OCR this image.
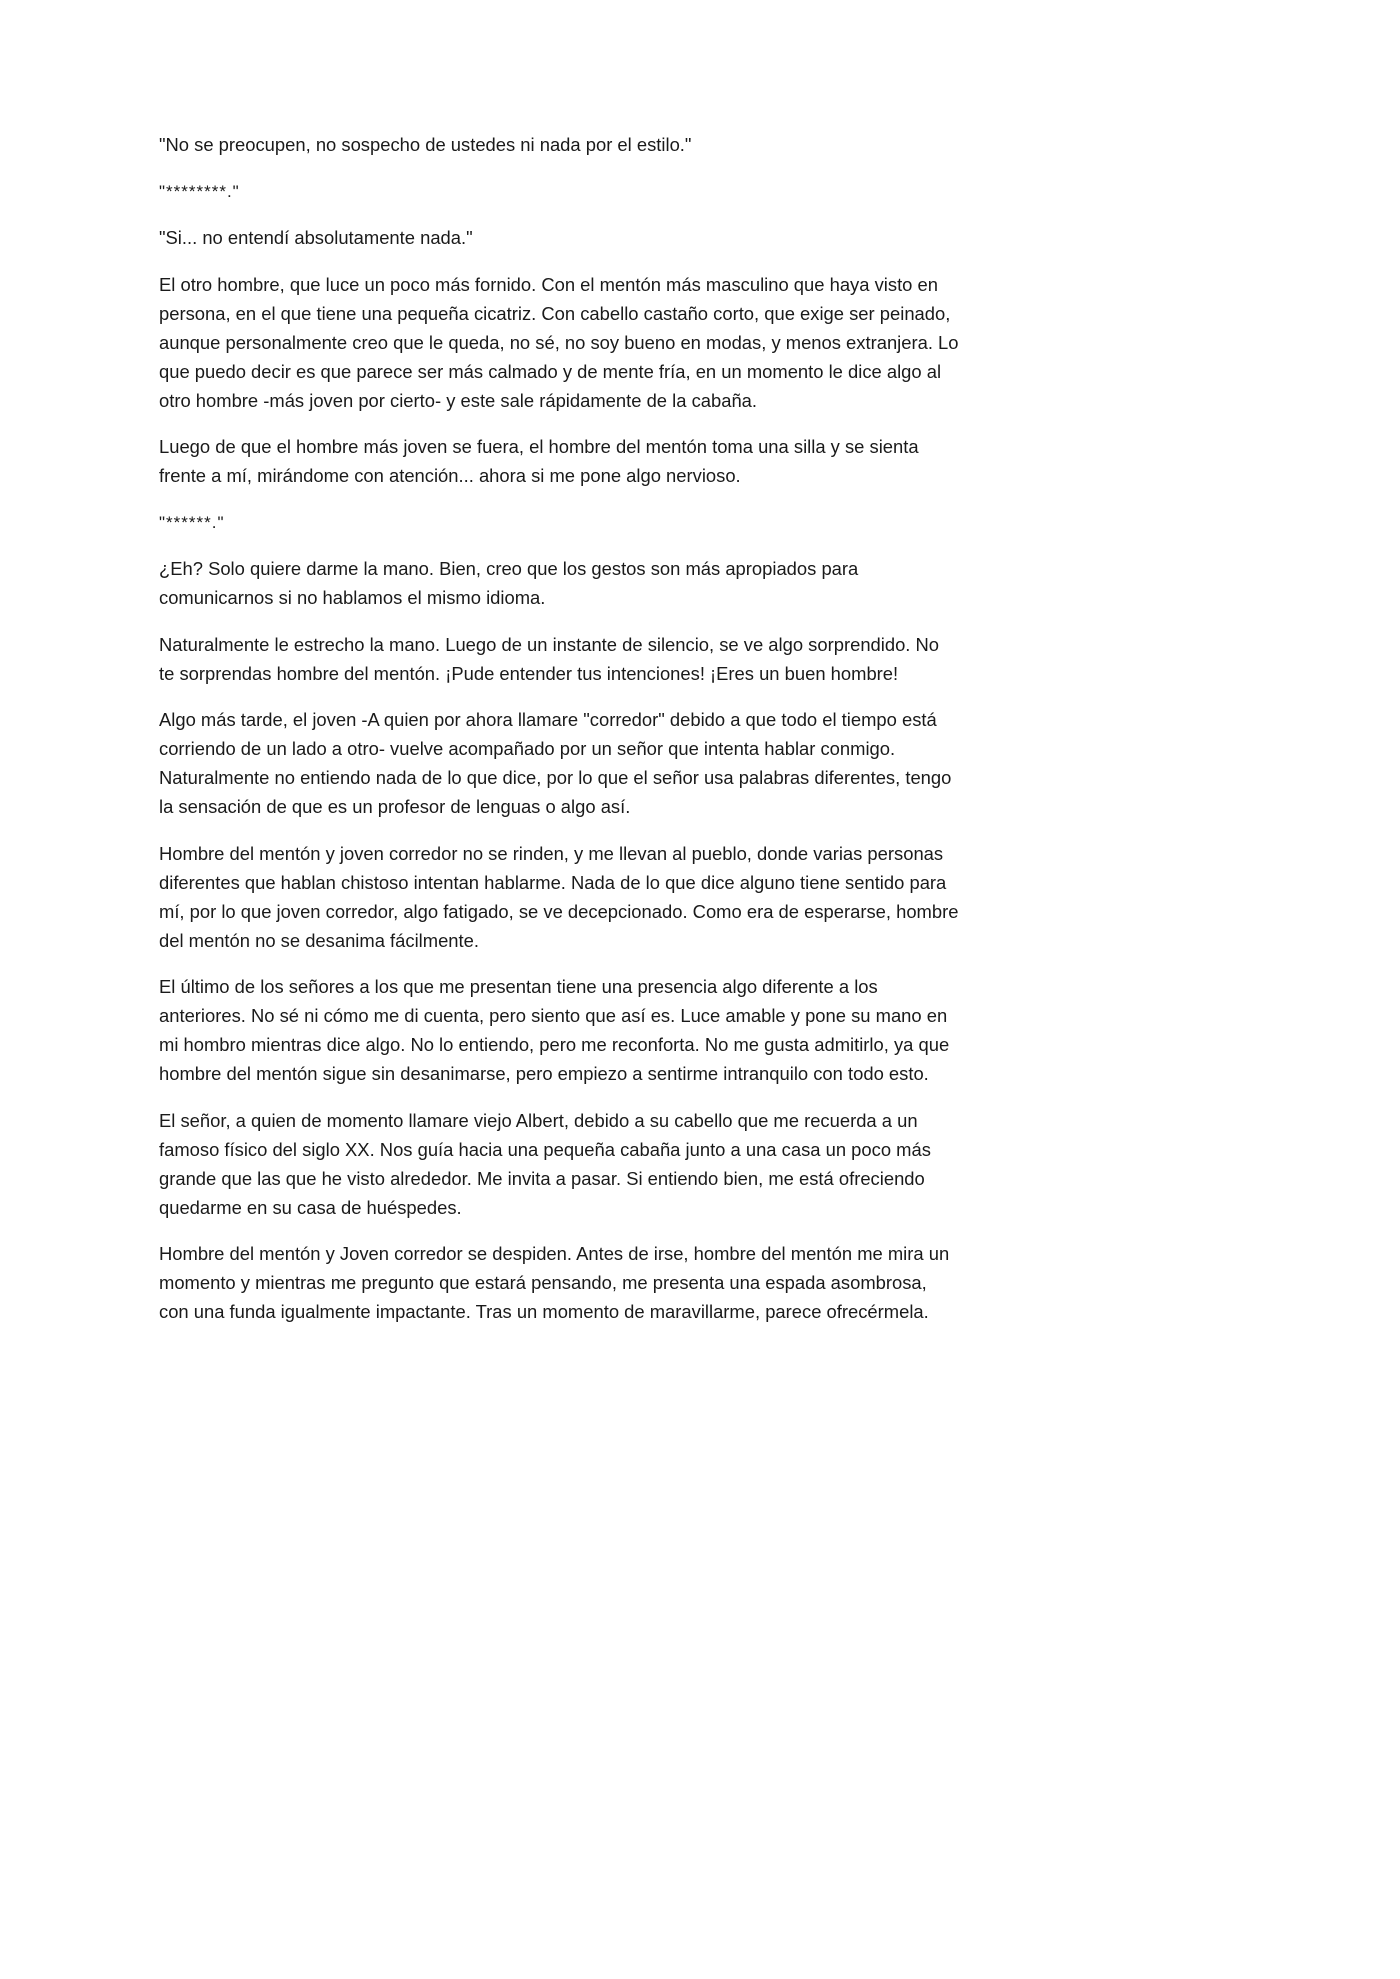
"No se preocupen, no sospecho de ustedes ni nada por el estilo."

"********."

"Si... no entendí absolutamente nada."

El otro hombre, que luce un poco más fornido. Con el mentón más masculino que haya visto en persona, en el que tiene una pequeña cicatriz. Con cabello castaño corto, que exige ser peinado, aunque personalmente creo que le queda, no sé, no soy bueno en modas, y menos extranjera. Lo que puedo decir es que parece ser más calmado y de mente fría, en un momento le dice algo al otro hombre -más joven por cierto- y este sale rápidamente de la cabaña.

Luego de que el hombre más joven se fuera, el hombre del mentón toma una silla y se sienta frente a mí, mirándome con atención... ahora si me pone algo nervioso.

"******."

¿Eh? Solo quiere darme la mano. Bien, creo que los gestos son más apropiados para comunicarnos si no hablamos el mismo idioma.

Naturalmente le estrecho la mano. Luego de un instante de silencio, se ve algo sorprendido. No te sorprendas hombre del mentón. ¡Pude entender tus intenciones! ¡Eres un buen hombre!

Algo más tarde, el joven -A quien por ahora llamare "corredor" debido a que todo el tiempo está corriendo de un lado a otro- vuelve acompañado por un señor que intenta hablar conmigo. Naturalmente no entiendo nada de lo que dice, por lo que el señor usa palabras diferentes, tengo la sensación de que es un profesor de lenguas o algo así.

Hombre del mentón y joven corredor no se rinden, y me llevan al pueblo, donde varias personas diferentes que hablan chistoso intentan hablarme. Nada de lo que dice alguno tiene sentido para mí, por lo que joven corredor, algo fatigado, se ve decepcionado. Como era de esperarse, hombre del mentón no se desanima fácilmente.

El último de los señores a los que me presentan tiene una presencia algo diferente a los anteriores. No sé ni cómo me di cuenta, pero siento que así es. Luce amable y pone su mano en mi hombro mientras dice algo. No lo entiendo, pero me reconforta. No me gusta admitirlo, ya que hombre del mentón sigue sin desanimarse, pero empiezo a sentirme intranquilo con todo esto.

El señor, a quien de momento llamare viejo Albert, debido a su cabello que me recuerda a un famoso físico del siglo XX. Nos guía hacia una pequeña cabaña junto a una casa un poco más grande que las que he visto alrededor. Me invita a pasar. Si entiendo bien, me está ofreciendo quedarme en su casa de huéspedes.

Hombre del mentón y Joven corredor se despiden. Antes de irse, hombre del mentón me mira un momento y mientras me pregunto que estará pensando, me presenta una espada asombrosa, con una funda igualmente impactante. Tras un momento de maravillarme, parece ofrecérmela.
